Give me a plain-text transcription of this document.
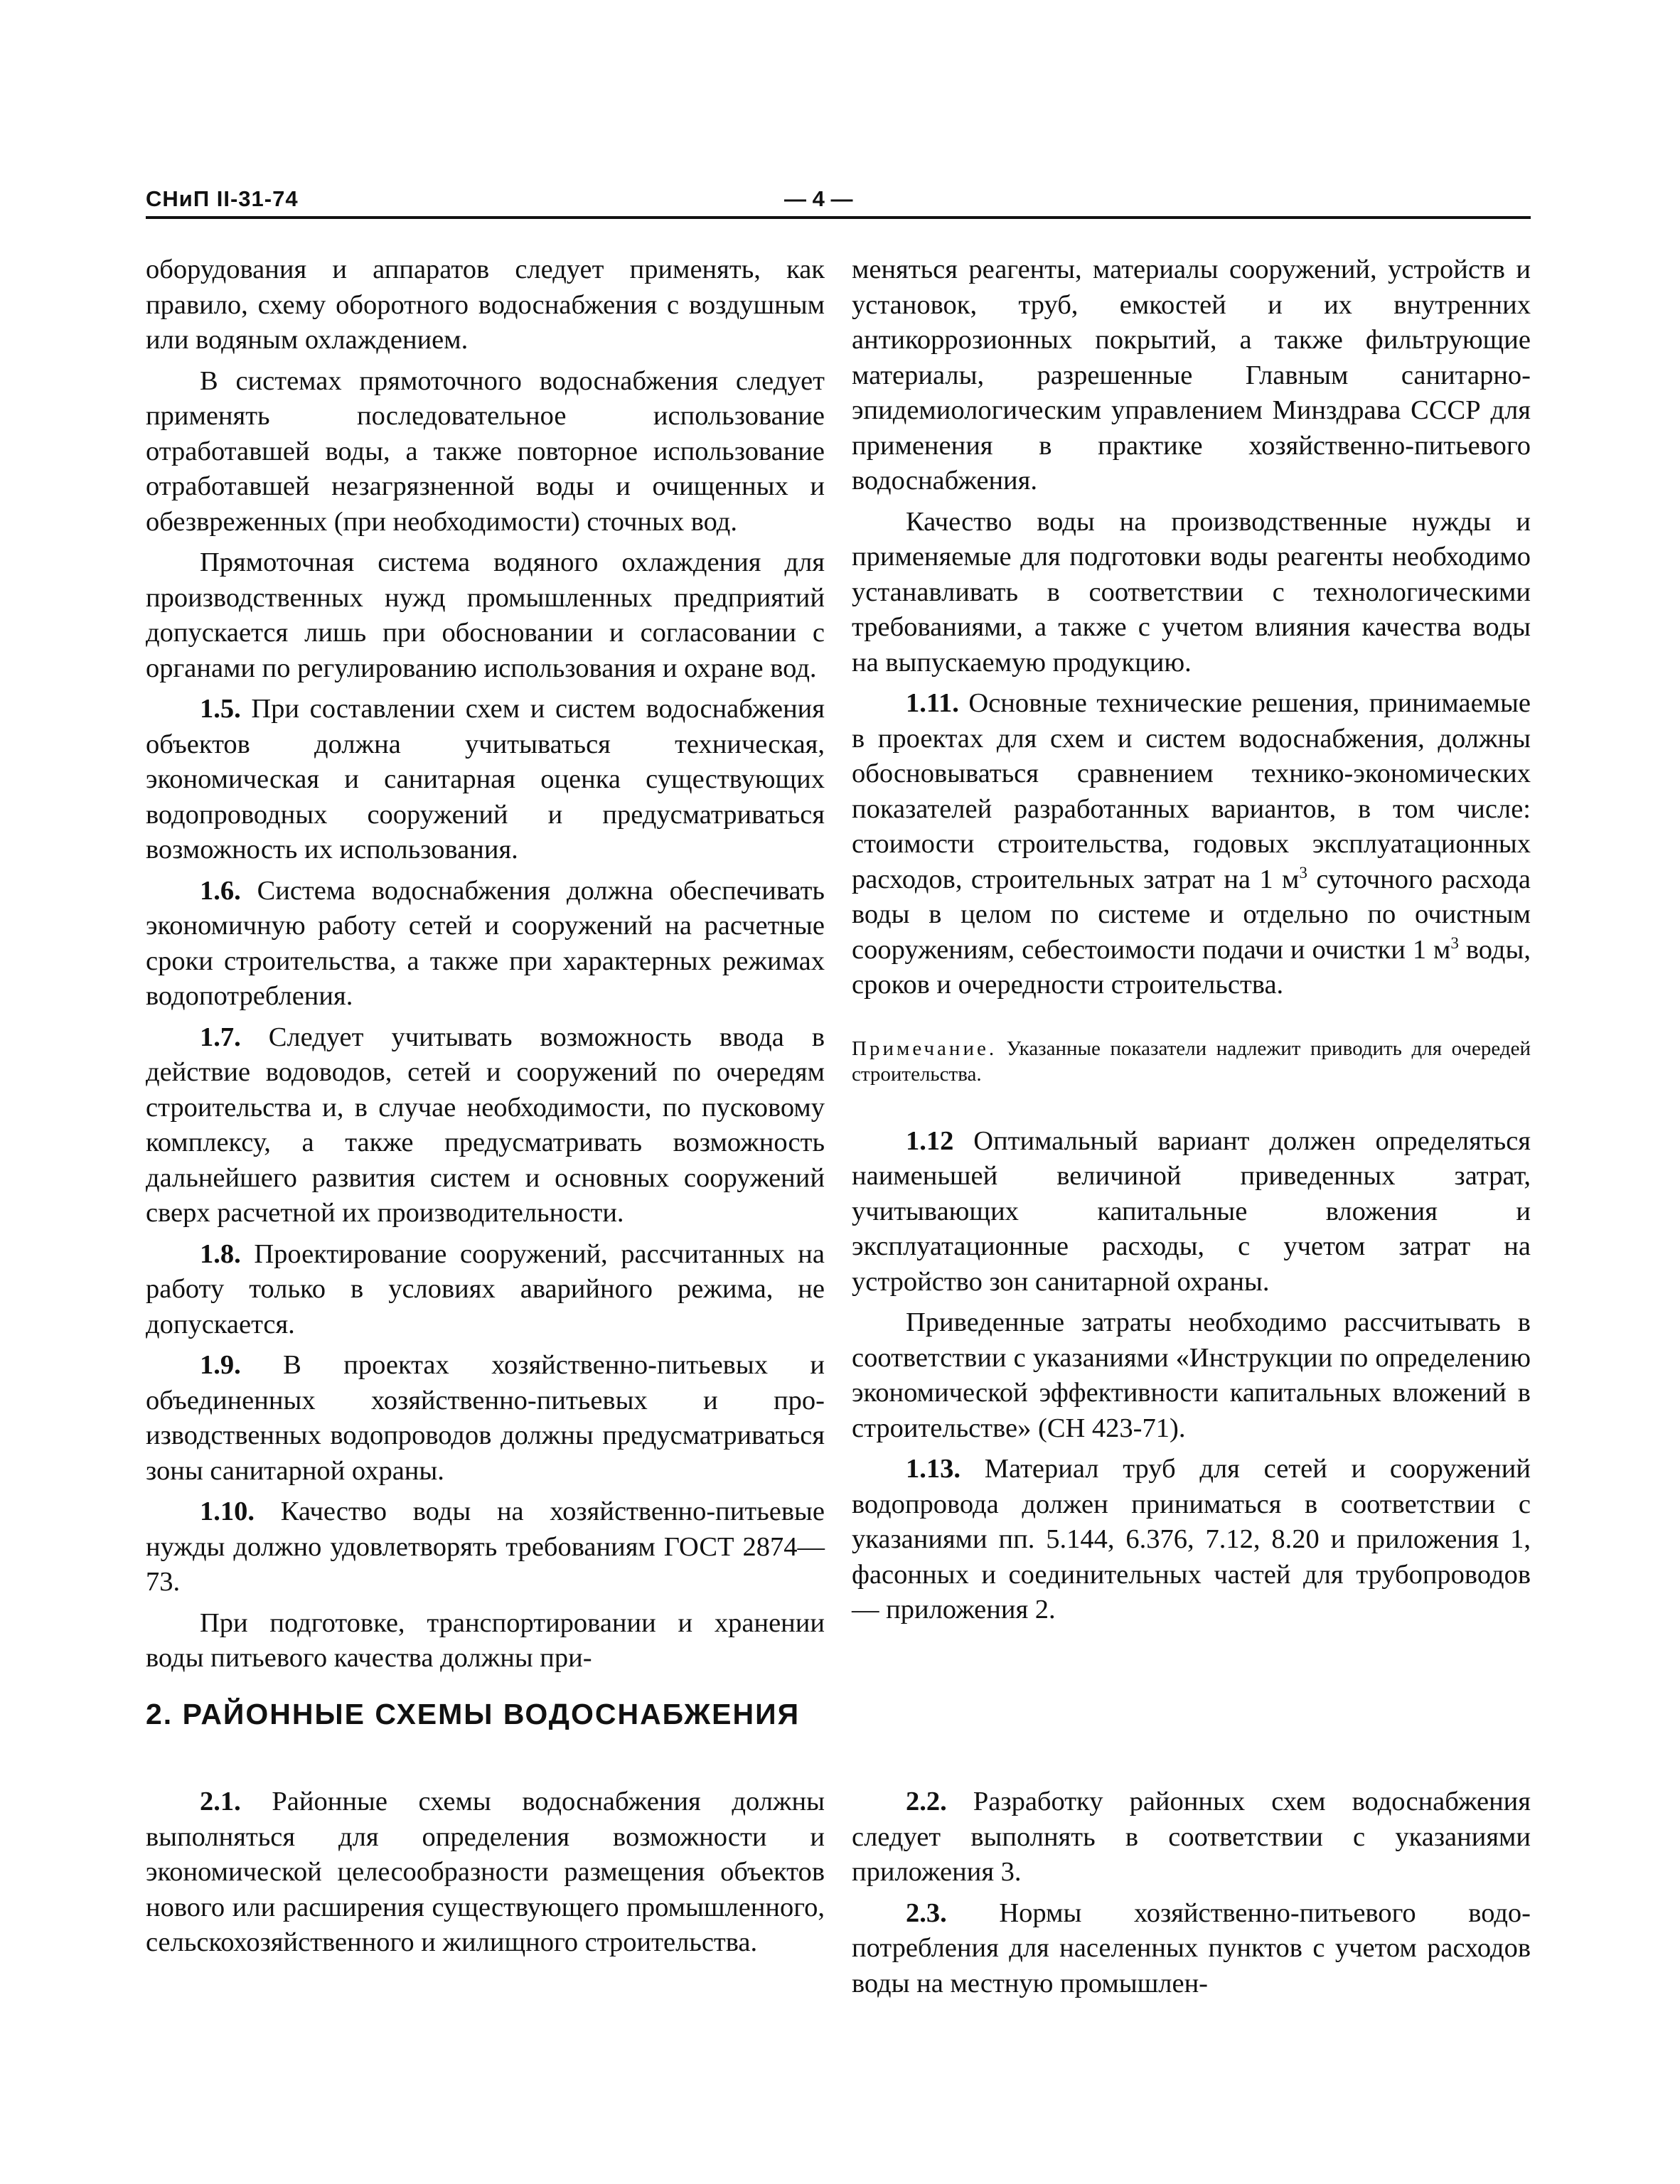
СНиП II-31-74	— 4 —

оборудования и аппаратов следует применять, как правило, схему оборотного водоснабжения с воздушным или водяным охлаждением.

В системах прямоточного водоснабжения следует применять последовательное использование отработавшей воды, а также повторное использование отработавшей незагрязненной воды и очищенных и обезвреженных (при необходимости) сточных вод.

Прямоточная система водяного охлаждения для производственных нужд промышленных предприятий допускается лишь при обосновании и согласовании с органами по регулированию использования и охране вод.

1.5. При составлении схем и систем водоснабжения объектов должна учитываться техническая, экономическая и санитарная оценка существующих водопроводных сооружений и предусматриваться возможность их использования.

1.6. Система водоснабжения должна обеспечивать экономичную работу сетей и сооружений на расчетные сроки строительства, а также при характерных режимах водопотребления.

1.7. Следует учитывать возможность ввода в действие водоводов, сетей и сооружений по очередям строительства и, в случае необходимости, по пусковому комплексу, а также предусматривать возможность дальнейшего развития систем и основных сооружений сверх расчетной их производительности.

1.8. Проектирование сооружений, рассчитанных на работу только в условиях аварийного режима, не допускается.

1.9. В проектах хозяйственно-питьевых и объединенных хозяйственно-питьевых и производственных водопроводов должны предусматриваться зоны санитарной охраны.

1.10. Качество воды на хозяйственно-питьевые нужды должно удовлетворять требованиям ГОСТ 2874—73.

При подготовке, транспортировании и хранении воды питьевого качества должны при-

меняться реагенты, материалы сооружений, устройств и установок, труб, емкостей и их внутренних антикоррозионных покрытий, а также фильтрующие материалы, разрешенные Главным санитарно-эпидемиологическим управлением Минздрава СССР для применения в практике хозяйственно-питьевого водоснабжения.

Качество воды на производственные нужды и применяемые для подготовки воды реагенты необходимо устанавливать в соответствии с технологическими требованиями, а также с учетом влияния качества воды на выпускаемую продукцию.

1.11. Основные технические решения, принимаемые в проектах для схем и систем водоснабжения, должны обосновываться сравнением технико-экономических показателей разработанных вариантов, в том числе: стоимости строительства, годовых эксплуатационных расходов, строительных затрат на 1 $м^3$ суточного расхода воды в целом по системе и отдельно по очистным сооружениям, себестоимости подачи и очистки 1 $м^3$ воды, сроков и очередности строительства.

Примечание. Указанные показатели надлежит приводить для очередей строительства.

1.12 Оптимальный вариант должен определяться наименьшей величиной приведенных затрат, учитывающих капитальные вложения и эксплуатационные расходы, с учетом затрат на устройство зон санитарной охраны.

Приведенные затраты необходимо рассчитывать в соответствии с указаниями «Инструкции по определению экономической эффективности капитальных вложений в строительстве» (СН 423-71).

1.13. Материал труб для сетей и сооружений водопровода должен приниматься в соответствии с указаниями пп. 5.144, 6.376, 7.12, 8.20 и приложения 1, фасонных и соединительных частей для трубопроводов — приложения 2.

2. РАЙОННЫЕ СХЕМЫ ВОДОСНАБЖЕНИЯ

2.1. Районные схемы водоснабжения должны выполняться для определения возможности и экономической целесообразности размещения объектов нового или расширения существующего промышленного, сельскохозяйственного и жилищного строительства.

2.2. Разработку районных схем водоснабжения следует выполнять в соответствии с указаниями приложения 3.

2.3. Нормы хозяйственно-питьевого водопотребления для населенных пунктов с учетом расходов воды на местную промышлен-
